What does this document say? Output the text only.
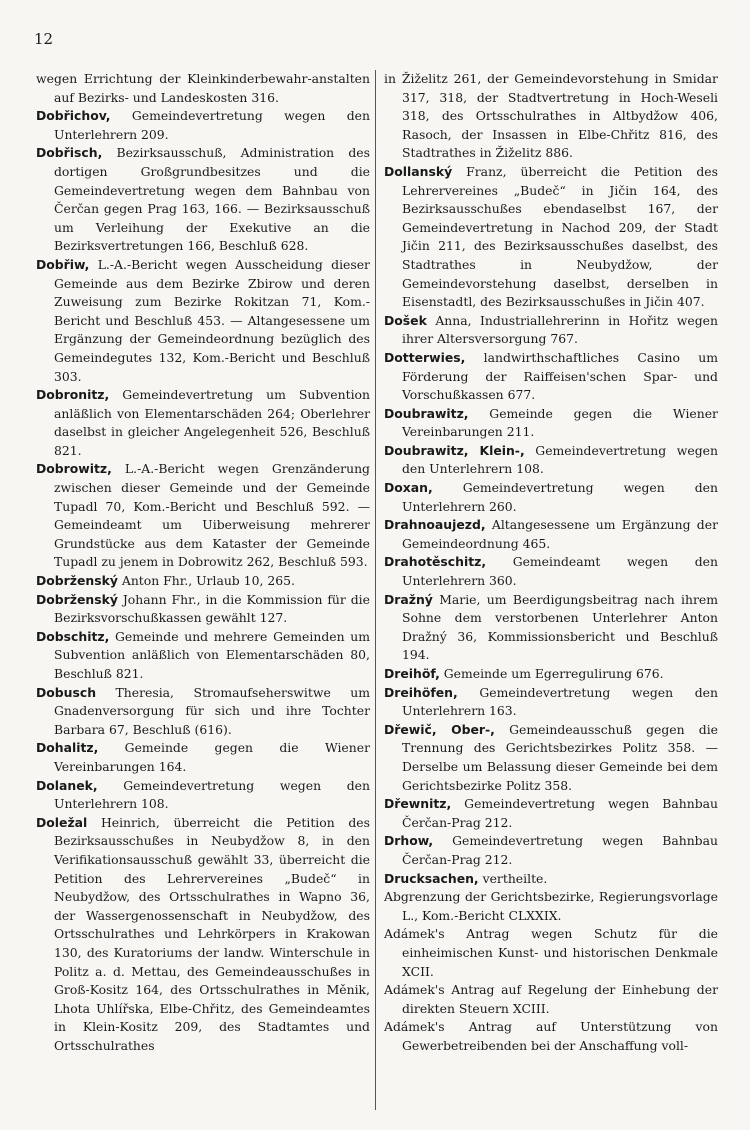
12

wegen Errichtung der Kleinkinderbewahr-anstalten auf Bezirks- und Landeskosten 316.

Dobřichov, Gemeindevertretung wegen den Unterlehrern 209.

Dobřisch, Bezirksausschuß, Administration des dortigen Großgrundbesitzes und die Gemeindevertretung wegen dem Bahnbau von Čerčan gegen Prag 163, 166. — Bezirksausschuß um Verleihung der Exekutive an die Bezirksvertretungen 166, Beschluß 628.

Dobřiw, L.-A.-Bericht wegen Ausscheidung dieser Gemeinde aus dem Bezirke Zbirow und deren Zuweisung zum Bezirke Rokitzan 71, Kom.-Bericht und Beschluß 453. — Altangesessene um Ergänzung der Gemeindeordnung bezüglich des Gemeindegutes 132, Kom.-Bericht und Beschluß 303.

Dobronitz, Gemeindevertretung um Subvention anläßlich von Elementarschäden 264; Oberlehrer daselbst in gleicher Angelegenheit 526, Beschluß 821.

Dobrowitz, L.-A.-Bericht wegen Grenzänderung zwischen dieser Gemeinde und der Gemeinde Tupadl 70, Kom.-Bericht und Beschluß 592. — Gemeindeamt um Uiberweisung mehrerer Grundstücke aus dem Kataster der Gemeinde Tupadl zu jenem in Dobrowitz 262, Beschluß 593.

Dobrženský Anton Fhr., Urlaub 10, 265.

Dobrženský Johann Fhr., in die Kommission für die Bezirksvorschußkassen gewählt 127.

Dobschitz, Gemeinde und mehrere Gemeinden um Subvention anläßlich von Elementarschäden 80, Beschluß 821.

Dobusch Theresia, Stromaufseherswitwe um Gnadenversorgung für sich und ihre Tochter Barbara 67, Beschluß (616).

Dohalitz, Gemeinde gegen die Wiener Vereinbarungen 164.

Dolanek, Gemeindevertretung wegen den Unterlehrern 108.

Doležal Heinrich, überreicht die Petition des Bezirksausschußes in Neubydžow 8, in den Verifikationsausschuß gewählt 33, überreicht die Petition des Lehrervereines „Budeč“ in Neubydžow, des Ortsschulrathes in Wapno 36, der Wassergenossenschaft in Neubydžow, des Ortsschulrathes und Lehrkörpers in Krakowan 130, des Kuratoriums der landw. Winterschule in Politz a. d. Mettau, des Gemeindeausschußes in Groß-Kositz 164, des Ortsschulrathes in Měnik, Lhota Uhlířska, Elbe-Chřitz, des Gemeindeamtes in Klein-Kositz 209, des Stadtamtes und Ortsschulrathes

in Žiželitz 261, der Gemeindevorstehung in Smidar 317, 318, der Stadtvertretung in Hoch-Weseli 318, des Ortsschulrathes in Altbydžow 406, Rasoch, der Insassen in Elbe-Chřitz 816, des Stadtrathes in Žiželitz 886.

Dollanský Franz, überreicht die Petition des Lehrervereines „Budeč“ in Jičin 164, des Bezirksausschußes ebendaselbst 167, der Gemeindevertretung in Nachod 209, der Stadt Jičin 211, des Bezirksausschußes daselbst, des Stadtrathes in Neubydžow, der Gemeindevorstehung daselbst, derselben in Eisenstadtl, des Bezirksausschußes in Jičin 407.

Došek Anna, Industriallehrerinn in Hořitz wegen ihrer Altersversorgung 767.

Dotterwies, landwirthschaftliches Casino um Förderung der Raiffeisen'schen Spar- und Vorschußkassen 677.

Doubrawitz, Gemeinde gegen die Wiener Vereinbarungen 211.

Doubrawitz, Klein-, Gemeindevertretung wegen den Unterlehrern 108.

Doxan, Gemeindevertretung wegen den Unterlehrern 260.

Drahnoaujezd, Altangesessene um Ergänzung der Gemeindeordnung 465.

Drahotěschitz, Gemeindeamt wegen den Unterlehrern 360.

Dražný Marie, um Beerdigungsbeitrag nach ihrem Sohne dem verstorbenen Unterlehrer Anton Dražný 36, Kommissionsbericht und Beschluß 194.

Dreihöf, Gemeinde um Egerregulirung 676.

Dreihöfen, Gemeindevertretung wegen den Unterlehrern 163.

Dřewič, Ober-, Gemeindeausschuß gegen die Trennung des Gerichtsbezirkes Politz 358. — Derselbe um Belassung dieser Gemeinde bei dem Gerichtsbezirke Politz 358.

Dřewnitz, Gemeindevertretung wegen Bahnbau Čerčan-Prag 212.

Drhow, Gemeindevertretung wegen Bahnbau Čerčan-Prag 212.

Drucksachen, vertheilte.

Abgrenzung der Gerichtsbezirke, Regierungsvorlage L., Kom.-Bericht CLXXIX.

Adámek's Antrag wegen Schutz für die einheimischen Kunst- und historischen Denkmale XCII.

Adámek's Antrag auf Regelung der Einhebung der direkten Steuern XCIII.

Adámek's Antrag auf Unterstützung von Gewerbetreibenden bei der Anschaffung voll-
